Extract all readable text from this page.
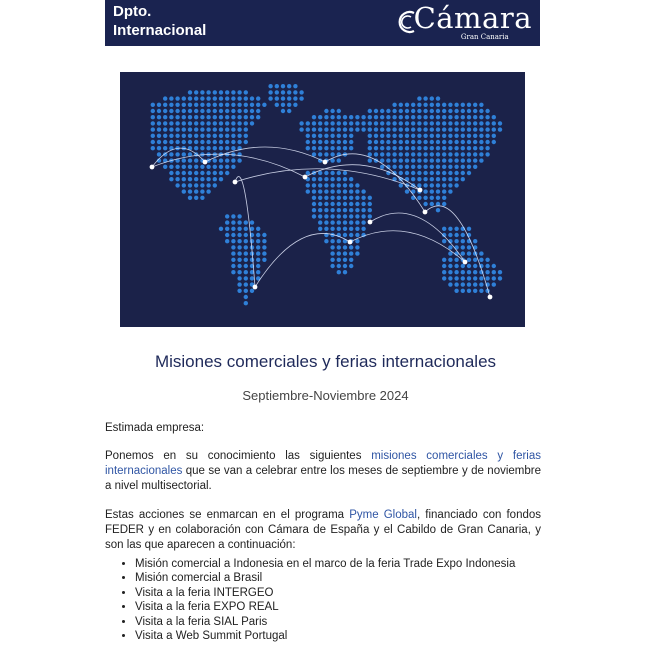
Dpto.
Internacional	Cámara
Gran Canaria
Misiones comerciales y ferias internacionales
Septiembre-Noviembre 2024

Estimada empresa:

Ponemos en su conocimiento las siguientes misiones comerciales y ferias internacionales que se van a celebrar entre los meses de septiembre y de noviembre a nivel multisectorial.

Estas acciones se enmarcan en el programa Pyme Global, financiado con fondos FEDER y en colaboración con Cámara de España y el Cabildo de Gran Canaria, y son las que aparecen a continuación:

• Misión comercial a Indonesia en el marco de la feria Trade Expo Indonesia
• Misión comercial a Brasil
• Visita a la feria INTERGEO
• Visita a la feria EXPO REAL
• Visita a la feria SIAL Paris
• Visita a Web Summit Portugal
